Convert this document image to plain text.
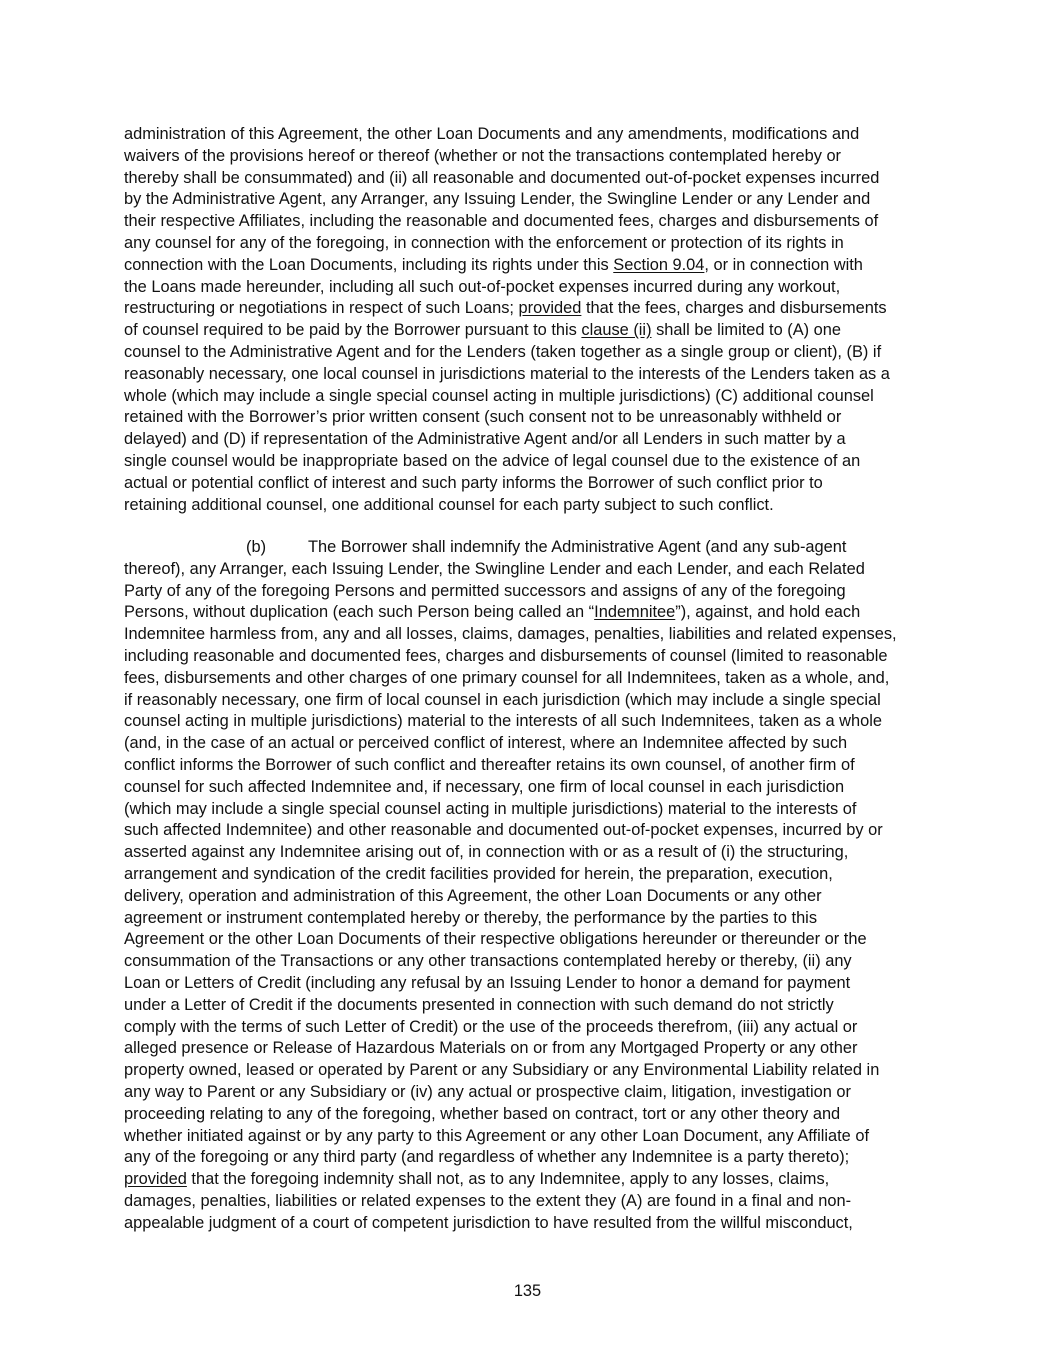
administration of this Agreement, the other Loan Documents and any amendments, modifications and
waivers of the provisions hereof or thereof (whether or not the transactions contemplated hereby or
thereby shall be consummated) and (ii) all reasonable and documented out-of-pocket expenses incurred
by the Administrative Agent, any Arranger, any Issuing Lender, the Swingline Lender or any Lender and
their respective Affiliates, including the reasonable and documented fees, charges and disbursements of
any counsel for any of the foregoing, in connection with the enforcement or protection of its rights in
connection with the Loan Documents, including its rights under this Section 9.04, or in connection with
the Loans made hereunder, including all such out-of-pocket expenses incurred during any workout,
restructuring or negotiations in respect of such Loans; provided that the fees, charges and disbursements
of counsel required to be paid by the Borrower pursuant to this clause (ii) shall be limited to (A) one
counsel to the Administrative Agent and for the Lenders (taken together as a single group or client), (B) if
reasonably necessary, one local counsel in jurisdictions material to the interests of the Lenders taken as a
whole (which may include a single special counsel acting in multiple jurisdictions) (C) additional counsel
retained with the Borrower’s prior written consent (such consent not to be unreasonably withheld or
delayed) and (D) if representation of the Administrative Agent and/or all Lenders in such matter by a
single counsel would be inappropriate based on the advice of legal counsel due to the existence of an
actual or potential conflict of interest and such party informs the Borrower of such conflict prior to
retaining additional counsel, one additional counsel for each party subject to such conflict.
(b)	The Borrower shall indemnify the Administrative Agent (and any sub-agent
thereof), any Arranger, each Issuing Lender, the Swingline Lender and each Lender, and each Related
Party of any of the foregoing Persons and permitted successors and assigns of any of the foregoing
Persons, without duplication (each such Person being called an “Indemnitee”), against, and hold each
Indemnitee harmless from, any and all losses, claims, damages, penalties, liabilities and related expenses,
including reasonable and documented fees, charges and disbursements of counsel (limited to reasonable
fees, disbursements and other charges of one primary counsel for all Indemnitees, taken as a whole, and,
if reasonably necessary, one firm of local counsel in each jurisdiction (which may include a single special
counsel acting in multiple jurisdictions) material to the interests of all such Indemnitees, taken as a whole
(and, in the case of an actual or perceived conflict of interest, where an Indemnitee affected by such
conflict informs the Borrower of such conflict and thereafter retains its own counsel, of another firm of
counsel for such affected Indemnitee and, if necessary, one firm of local counsel in each jurisdiction
(which may include a single special counsel acting in multiple jurisdictions) material to the interests of
such affected Indemnitee) and other reasonable and documented out-of-pocket expenses, incurred by or
asserted against any Indemnitee arising out of, in connection with or as a result of (i) the structuring,
arrangement and syndication of the credit facilities provided for herein, the preparation, execution,
delivery, operation and administration of this Agreement, the other Loan Documents or any other
agreement or instrument contemplated hereby or thereby, the performance by the parties to this
Agreement or the other Loan Documents of their respective obligations hereunder or thereunder or the
consummation of the Transactions or any other transactions contemplated hereby or thereby, (ii) any
Loan or Letters of Credit (including any refusal by an Issuing Lender to honor a demand for payment
under a Letter of Credit if the documents presented in connection with such demand do not strictly
comply with the terms of such Letter of Credit) or the use of the proceeds therefrom, (iii) any actual or
alleged presence or Release of Hazardous Materials on or from any Mortgaged Property or any other
property owned, leased or operated by Parent or any Subsidiary or any Environmental Liability related in
any way to Parent or any Subsidiary or (iv) any actual or prospective claim, litigation, investigation or
proceeding relating to any of the foregoing, whether based on contract, tort or any other theory and
whether initiated against or by any party to this Agreement or any other Loan Document, any Affiliate of
any of the foregoing or any third party (and regardless of whether any Indemnitee is a party thereto);
provided that the foregoing indemnity shall not, as to any Indemnitee, apply to any losses, claims,
damages, penalties, liabilities or related expenses to the extent they (A) are found in a final and non-
appealable judgment of a court of competent jurisdiction to have resulted from the willful misconduct,
135
